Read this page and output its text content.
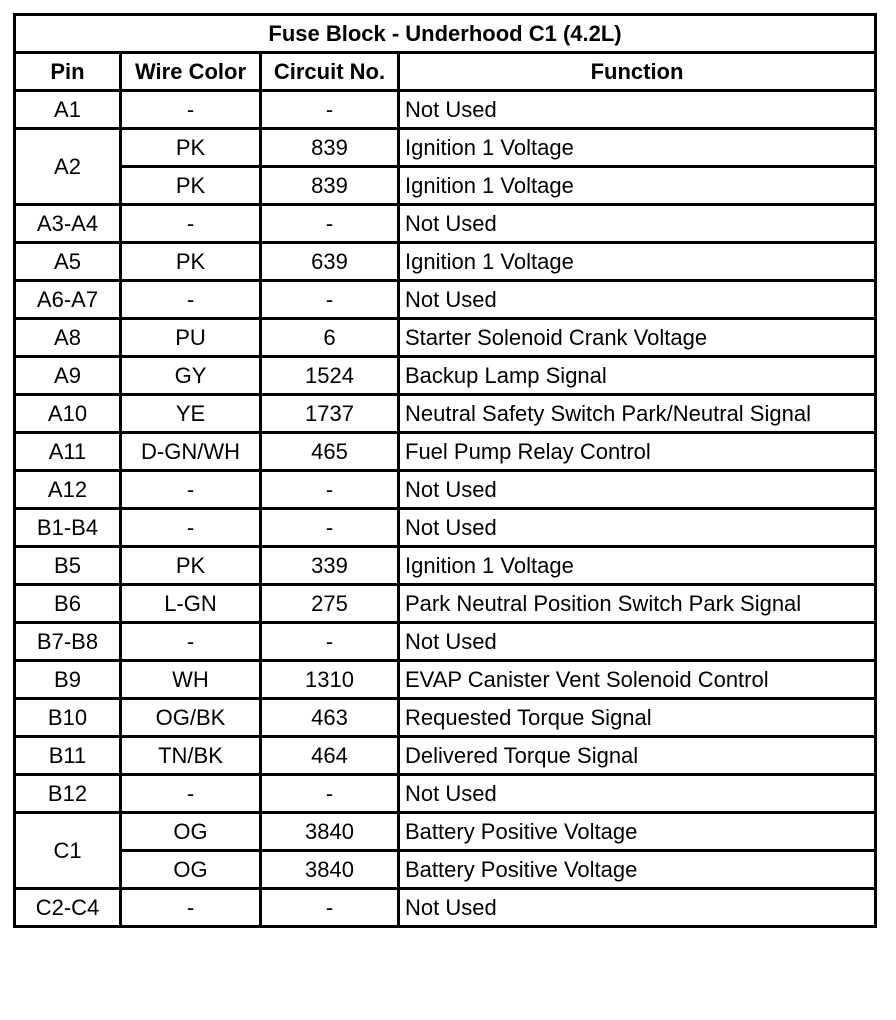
Fuse Block - Underhood C1 (4.2L)			
Pin	Wire Color	Circuit No.	Function
A1	-	-	Not Used
A2	PK	839	Ignition 1 Voltage
	PK	839	Ignition 1 Voltage
A3-A4	-	-	Not Used
A5	PK	639	Ignition 1 Voltage
A6-A7	-	-	Not Used
A8	PU	6	Starter Solenoid Crank Voltage
A9	GY	1524	Backup Lamp Signal
A10	YE	1737	Neutral Safety Switch Park/Neutral Signal
A11	D-GN/WH	465	Fuel Pump Relay Control
A12	-	-	Not Used
B1-B4	-	-	Not Used
B5	PK	339	Ignition 1 Voltage
B6	L-GN	275	Park Neutral Position Switch Park Signal
B7-B8	-	-	Not Used
B9	WH	1310	EVAP Canister Vent Solenoid Control
B10	OG/BK	463	Requested Torque Signal
B11	TN/BK	464	Delivered Torque Signal
B12	-	-	Not Used
C1	OG	3840	Battery Positive Voltage
	OG	3840	Battery Positive Voltage
C2-C4	-	-	Not Used
